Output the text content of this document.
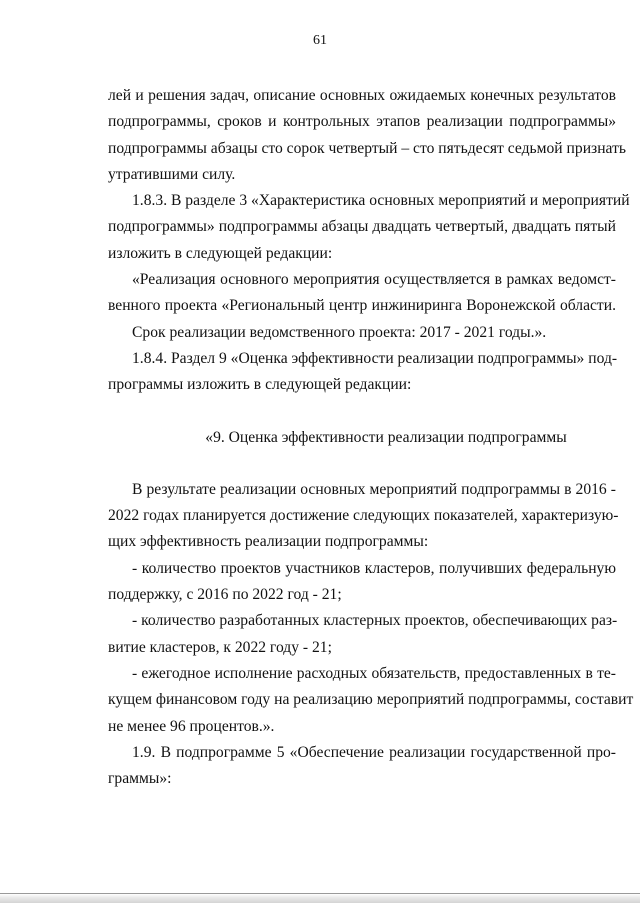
61
лей и решения задач, описание основных ожидаемых конечных результатов
подпрограммы, сроков и контрольных этапов реализации подпрограммы»
подпрограммы абзацы сто сорок четвертый – сто пятьдесят седьмой признать
утратившими силу.
1.8.3. В разделе 3 «Характеристика основных мероприятий и мероприятий
подпрограммы» подпрограммы абзацы двадцать четвертый, двадцать пятый
изложить в следующей редакции:
«Реализация основного мероприятия осуществляется в рамках ведомст-
венного проекта «Региональный центр инжиниринга Воронежской области.
Срок реализации ведомственного проекта: 2017 - 2021 годы.».
1.8.4. Раздел 9 «Оценка эффективности реализации подпрограммы» под-
программы изложить в следующей редакции:
«9. Оценка эффективности реализации подпрограммы
В результате реализации основных мероприятий подпрограммы в 2016 -
2022 годах планируется достижение следующих показателей, характеризую-
щих эффективность реализации подпрограммы:
- количество проектов участников кластеров, получивших федеральную
поддержку, с 2016 по 2022 год - 21;
- количество разработанных кластерных проектов, обеспечивающих раз-
витие кластеров, к 2022 году - 21;
- ежегодное исполнение расходных обязательств, предоставленных в те-
кущем финансовом году на реализацию мероприятий подпрограммы, составит
не менее 96 процентов.».
1.9. В подпрограмме 5 «Обеспечение реализации государственной про-
граммы»:
